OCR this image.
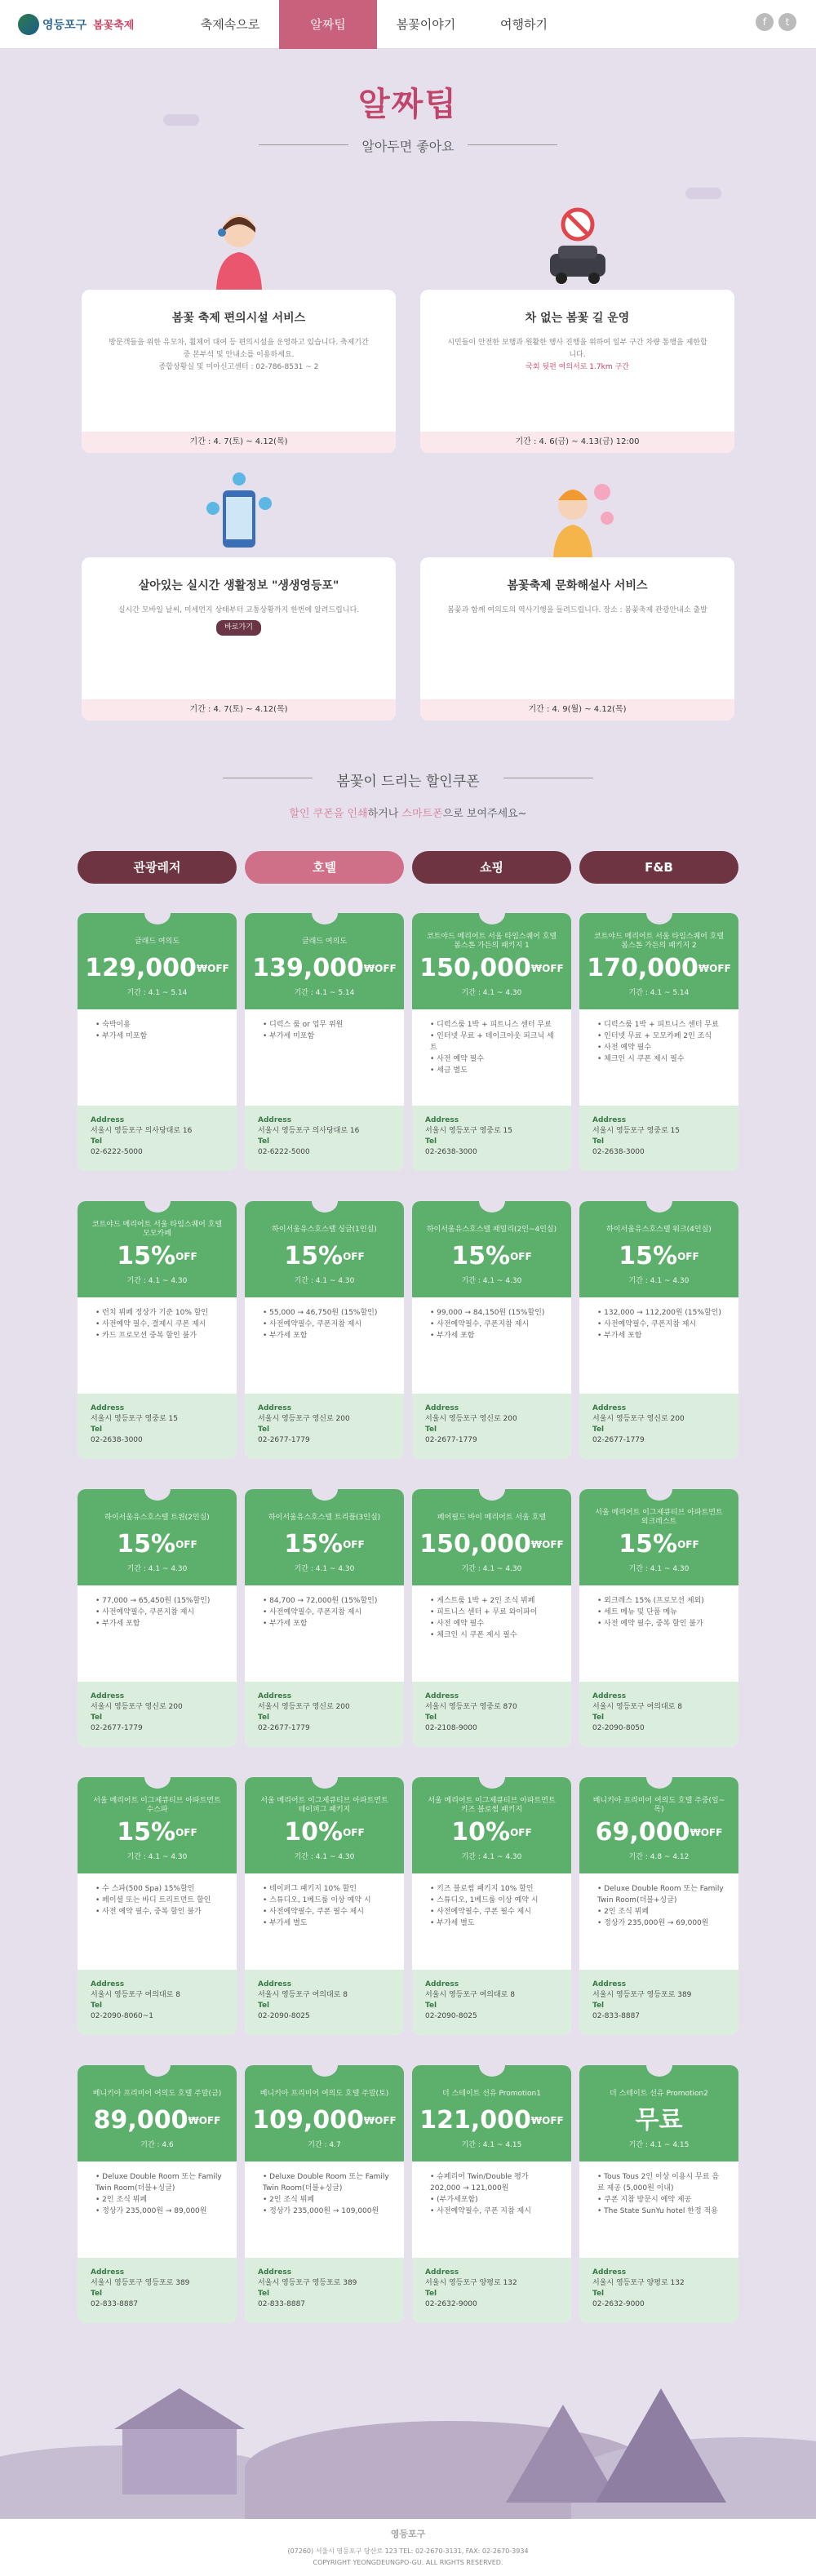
영등포구 봄꽃축제	축제속으로	알짜팁	봄꽃이야기	여행하기	f	t
알짜팁
알아두면 좋아요
봄꽃 축제 편의시설 서비스
방문객들을 위한 유모차, 휠체어 대여 등 편의시설을 운영하고 있습니다. 축제기간 중 본부석 및 안내소를 이용하세요.
종합상황실 및 미아신고센터 : 02-786-8531 ~ 2
기간 : 4. 7(토) ~ 4.12(목)
차 없는 봄꽃 길 운영
시민들이 안전한 보행과 원활한 행사 진행을 위하여 일부 구간 차량 통행을 제한합니다.
국회 뒷편 여의서로 1.7km 구간
기간 : 4. 6(금) ~ 4.13(금) 12:00
살아있는 실시간 생활정보 "생생영등포"
실시간 모바일 날씨, 미세먼지 상태부터 교통상황까지 한번에 알려드립니다.
바로가기
기간 : 4. 7(토) ~ 4.12(목)
봄꽃축제 문화해설사 서비스
봄꽃과 함께 여의도의 역사기행을 들려드립니다. 장소 : 봄꽃축제 관광안내소 출발
기간 : 4. 9(월) ~ 4.12(목)
봄꽃이 드리는 할인쿠폰
할인 쿠폰을 인쇄하거나 스마트폰으로 보여주세요~
관광레저	호텔	쇼핑	F&B
글래드 여의도
$129,000^{₩OFF}$
기간 : 4.1 ~ 5.14
• 숙박이용
• 부가세 미포함
Address
서울시 영등포구 의사당대로 16
Tel
02-6222-5000
글래드 여의도
$139,000^{₩OFF}$
기간 : 4.1 ~ 5.14
• 디럭스 룸 or 업무 위원
• 부가세 미포함
Address
서울시 영등포구 의사당대로 16
Tel
02-6222-5000
코트야드 메리어트 서울 타임스퀘어 호텔 봄스톤 가든의 패키지 1
$150,000^{₩OFF}$
기간 : 4.1 ~ 4.30
• 디럭스룸 1박 + 피트니스 센터 무료
• 인터넷 무료 + 테이크아웃 피크닉 세트
• 사전 예약 필수
• 세금 별도
Address
서울시 영등포구 영중로 15
Tel
02-2638-3000
코트야드 메리어트 서울 타임스퀘어 호텔 봄스톤 가든의 패키지 2
$170,000^{₩OFF}$
기간 : 4.1 ~ 5.14
• 디럭스룸 1박 + 피트니스 센터 무료
• 인터넷 무료 + 모모카페 2인 조식
• 사전 예약 필수
• 체크인 시 쿠폰 제시 필수
Address
서울시 영등포구 영중로 15
Tel
02-2638-3000
코트야드 메리어트 서울 타임스퀘어 호텔 모모카페
15%$^{OFF}$
기간 : 4.1 ~ 4.30
• 런치 뷔페 정상가 기준 10% 할인
• 사전예약 필수, 결제시 쿠폰 제시
• 카드 프로모션 중복 할인 불가
Address
서울시 영등포구 영중로 15
Tel
02-2638-3000
하이서울유스호스텔 싱글(1인실)
15%$^{OFF}$
기간 : 4.1 ~ 4.30
• 55,000 → 46,750원 (15%할인)
• 사전예약필수, 쿠폰지참 제시
• 부가세 포함
Address
서울시 영등포구 영신로 200
Tel
02-2677-1779
하이서울유스호스텔 패밀리(2인~4인실)
15%$^{OFF}$
기간 : 4.1 ~ 4.30
• 99,000 → 84,150원 (15%할인)
• 사전예약필수, 쿠폰지참 제시
• 부가세 포함
Address
서울시 영등포구 영신로 200
Tel
02-2677-1779
하이서울유스호스텔 워크(4인실)
15%$^{OFF}$
기간 : 4.1 ~ 4.30
• 132,000 → 112,200원 (15%할인)
• 사전예약필수, 쿠폰지참 제시
• 부가세 포함
Address
서울시 영등포구 영신로 200
Tel
02-2677-1779
하이서울유스호스텔 트윈(2인실)
15%$^{OFF}$
기간 : 4.1 ~ 4.30
• 77,000 → 65,450원 (15%할인)
• 사전예약필수, 쿠폰지참 제시
• 부가세 포함
Address
서울시 영등포구 영신로 200
Tel
02-2677-1779
하이서울유스호스텔 트리플(3인실)
15%$^{OFF}$
기간 : 4.1 ~ 4.30
• 84,700 → 72,000원 (15%할인)
• 사전예약필수, 쿠폰지참 제시
• 부가세 포함
Address
서울시 영등포구 영신로 200
Tel
02-2677-1779
페어필드 바이 메리어트 서울 호텔
$150,000^{₩OFF}$
기간 : 4.1 ~ 4.30
• 게스트룸 1박 + 2인 조식 뷔페
• 피트니스 센터 + 무료 와이파이
• 사전 예약 필수
• 체크인 시 쿠폰 제시 필수
Address
서울시 영등포구 영중로 870
Tel
02-2108-9000
서울 메리어트 이그제큐티브 아파트먼트 외크레스트
15%$^{OFF}$
기간 : 4.1 ~ 4.30
• 외크레스 15% (프로모션 제외)
• 세트 메뉴 및 단품 메뉴
• 사전 예약 필수, 중복 할인 불가
Address
서울시 영등포구 여의대로 8
Tel
02-2090-8050
서울 메리어트 이그제큐티브 아파트먼트 수스파
15%$^{OFF}$
기간 : 4.1 ~ 4.30
• 수 스파(500 Spa) 15%할인
• 페이셜 또는 바디 트리트먼트 할인
• 사전 예약 필수, 중복 할인 불가
Address
서울시 영등포구 여의대로 8
Tel
02-2090-8060~1
서울 메리어트 이그제큐티브 아파트먼트 테이퍼그 패키지
10%$^{OFF}$
기간 : 4.1 ~ 4.30
• 테이퍼그 패키지 10% 할인
• 스튜디오, 1베드룸 이상 예약 시
• 사전예약필수, 쿠폰 필수 제시
• 부가세 별도
Address
서울시 영등포구 여의대로 8
Tel
02-2090-8025
서울 메리어트 이그제큐티브 아파트먼트 키즈 블로썸 패키지
10%$^{OFF}$
기간 : 4.1 ~ 4.30
• 키즈 블로썸 패키지 10% 할인
• 스튜디오, 1베드룸 이상 예약 시
• 사전예약필수, 쿠폰 필수 제시
• 부가세 별도
Address
서울시 영등포구 여의대로 8
Tel
02-2090-8025
베니키아 프리미어 여의도 호텔 주중(일~목)
$69,000^{₩OFF}$
기간 : 4.8 ~ 4.12
• Deluxe Double Room 또는 Family Twin Room(더블+싱글)
• 2인 조식 뷔페
• 정상가 235,000원 → 69,000원
Address
서울시 영등포구 영등포로 389
Tel
02-833-8887
베니키아 프리미어 여의도 호텔 주말(금)
$89,000^{₩OFF}$
기간 : 4.6
• Deluxe Double Room 또는 Family Twin Room(더블+싱글)
• 2인 조식 뷔페
• 정상가 235,000원 → 89,000원
Address
서울시 영등포구 영등포로 389
Tel
02-833-8887
베니키아 프리미어 여의도 호텔 주말(토)
$109,000^{₩OFF}$
기간 : 4.7
• Deluxe Double Room 또는 Family Twin Room(더블+싱글)
• 2인 조식 뷔페
• 정상가 235,000원 → 109,000원
Address
서울시 영등포구 영등포로 389
Tel
02-833-8887
더 스테이트 선유 Promotion1
$121,000^{₩OFF}$
기간 : 4.1 ~ 4.15
• 슈페리어 Twin/Double 평가 202,000 → 121,000원
• (부가세포함)
• 사전예약필수, 쿠폰 지참 제시
Address
서울시 영등포구 양평로 132
Tel
02-2632-9000
더 스테이트 선유 Promotion2
무료
기간 : 4.1 ~ 4.15
• Tous Tous 2인 이상 이용시 무료 음료 제공 (5,000원 이내)
• 쿠폰 지참 방문시 예약 제공
• The State SunYu hotel 한정 적용
Address
서울시 영등포구 양평로 132
Tel
02-2632-9000
영등포구
(07260) 서울시 영등포구 당산로 123 TEL: 02-2670-3131, FAX: 02-2670-3934
COPYRIGHT YEONGDEUNGPO-GU. ALL RIGHTS RESERVED.
